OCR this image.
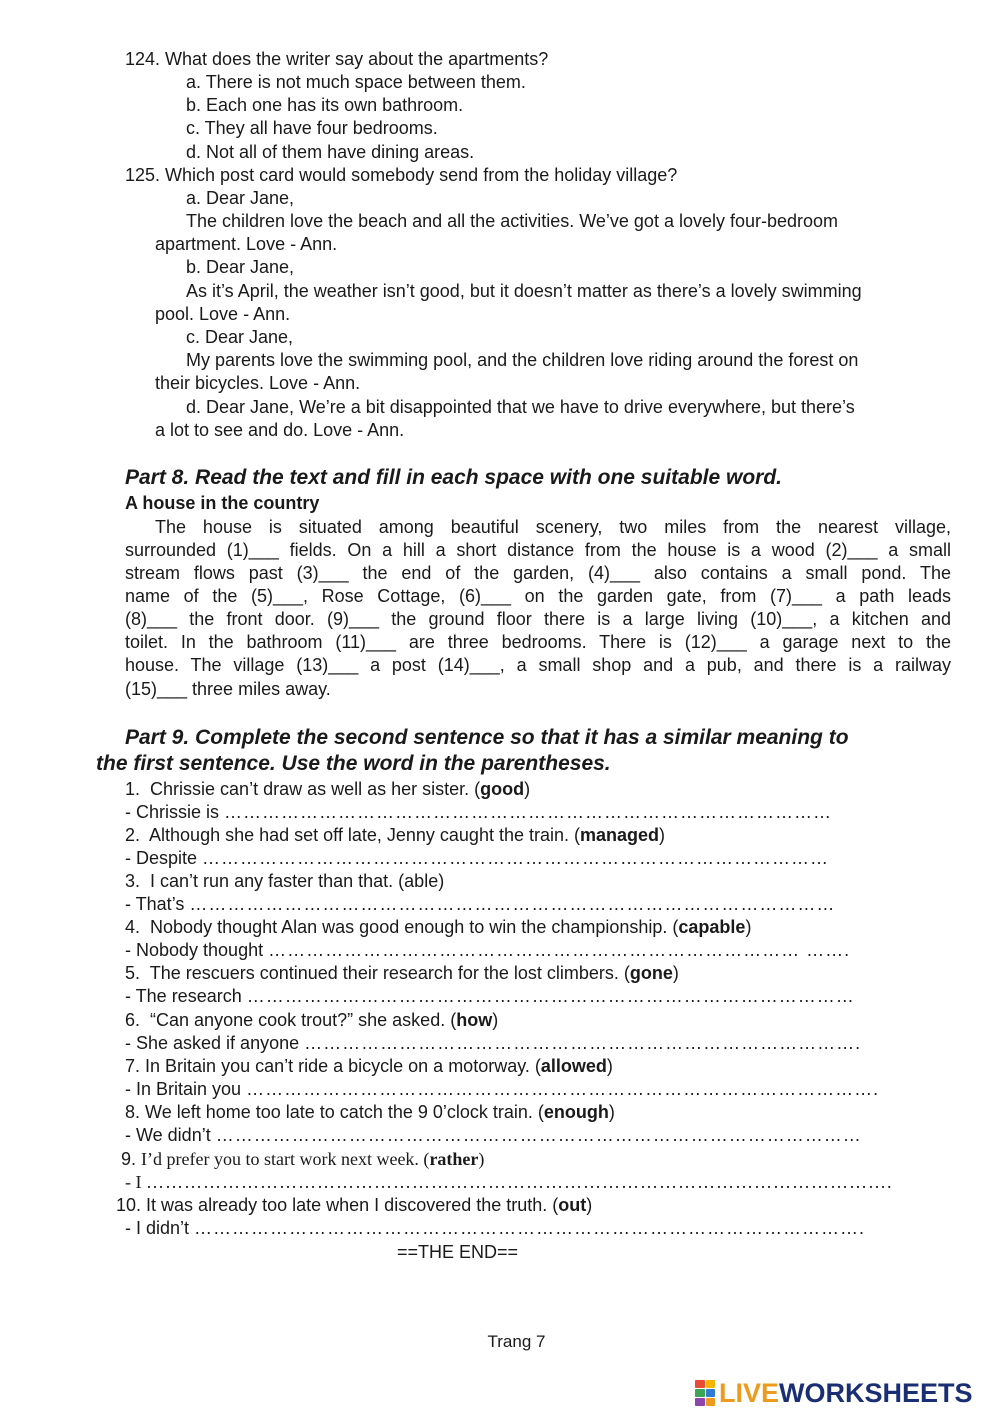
124. What does the writer say about the apartments?
a. There is not much space between them.
b. Each one has its own bathroom.
c. They all have four bedrooms.
d. Not all of them have dining areas.
125. Which post card would somebody send from the holiday village?
a. Dear Jane,
The children love the beach and all the activities. We’ve got a lovely four-bedroom
apartment. Love - Ann.
b. Dear Jane,
As it’s April, the weather isn’t good, but it doesn’t matter as there’s a lovely swimming
pool. Love - Ann.
c. Dear Jane,
My parents love the swimming pool, and the children love riding around the forest on
their bicycles. Love - Ann.
d. Dear Jane, We’re a bit disappointed that we have to drive everywhere, but there’s
a lot to see and do. Love - Ann.
Part 8. Read the text and fill in each space with one suitable word.
A house in the country
The house is situated among beautiful scenery, two miles from the nearest village,
surrounded (1)___ fields. On a hill a short distance from the house is a wood (2)___ a small
stream flows past (3)___ the end of the garden, (4)___ also contains a small pond. The
name of the (5)___, Rose Cottage, (6)___ on the garden gate, from (7)___ a path leads
(8)___ the front door. (9)___ the ground floor there is a large living (10)___, a kitchen and
toilet. In the bathroom (11)___ are three bedrooms. There is (12)___ a garage next to the
house. The village (13)___ a post (14)___, a small shop and a pub, and there is a railway
(15)___ three miles away.
Part 9. Complete the second sentence so that it has a similar meaning to
the first sentence. Use the word in the parentheses.
1. Chrissie can’t draw as well as her sister. (good)
- Chrissie is ……………………………………………………………………………………
2. Although she had set off late, Jenny caught the train. (managed)
- Despite ………………………………………………………………………………………
3. I can’t run any faster than that. (able)
- That’s …………………………………………………………………………………………
4. Nobody thought Alan was good enough to win the championship. (capable)
- Nobody thought ………………………………………………………………………… …….
5. The rescuers continued their research for the lost climbers. (gone)
- The research ……………………………………………………………………………………
6. “Can anyone cook trout?” she asked. (how)
- She asked if anyone …………………………………………………………………………….
7. In Britain you can’t ride a bicycle on a motorway. (allowed)
- In Britain you ……………………………………………………………………………………….
8. We left home too late to catch the 9 0’clock train. (enough)
- We didn’t …………………………………………………………………………………………
9. I’d prefer you to start work next week. (rather)
- I ……………………………………………………………………………………………………….
10. It was already too late when I discovered the truth. (out)
- I didn’t …………………………………………………………………………………………….
==THE END==
Trang 7
LIVEWORKSHEETS
